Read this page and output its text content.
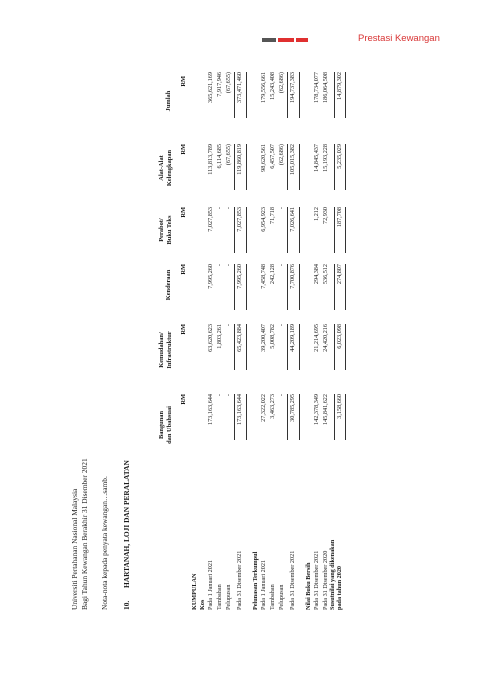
Prestasi Kewangan
Universiti Pertahanan Nasional Malaysia Bagi Tahun Kewangan Berakhir 31 Disember 2021 Nota-nota kepada penyata kewangan…samb. 10.
HARTANAH, LOJI DAN PERALATAN
Bangunan dan Ubahsuai
Kemudahan/ Infrastruktur
Kenderaan
Perabot/ Buku Teks
Alat-Alat Kelengkapan
Jumlah
RM
RM
RM
RM
RM
RM
KUMPULAN Kos Pada 1 Januari 2021 Tambahan Pelupusan Pada 31 Disember 2021 Pelunasan Terkumpul Pada 1 Januari 2021 Tambahan Pelupusan Pada 31 Disember 2021 Nilai Buku Bersih Pada 31 Disember 2021 Pada 31 Disember 2020 Susutnilai yang dikenakan pada tahun 2020
173,163,644
63,620,623
7,995,260
7,027,853
113,813,789
365,621,169
-
1,803,261
-
-
6,114,685
7,917,946
-
-
-
-
(67,655)
(67,655)
173,163,644
65,423,884
7,995,260
7,027,853
119,860,819
373,471,460
27,322,022
39,200,407
7,458,748
6,954,923
98,620,561
179,556,661
3,463,273
5,008,782
242,128
71,718
6,457,507
15,243,408
-
-
-
-
(62,686)
(62,686)
30,785,295
44,209,189
7,700,876
7,026,641
105,015,382
194,737,383
142,378,349
21,214,695
294,384
1,212
14,845,437
178,734,077
145,841,622
24,420,216
536,512
72,930
15,193,228
186,064,508
3,158,660
6,023,098
274,807
187,708
5,235,029
14,879,302
